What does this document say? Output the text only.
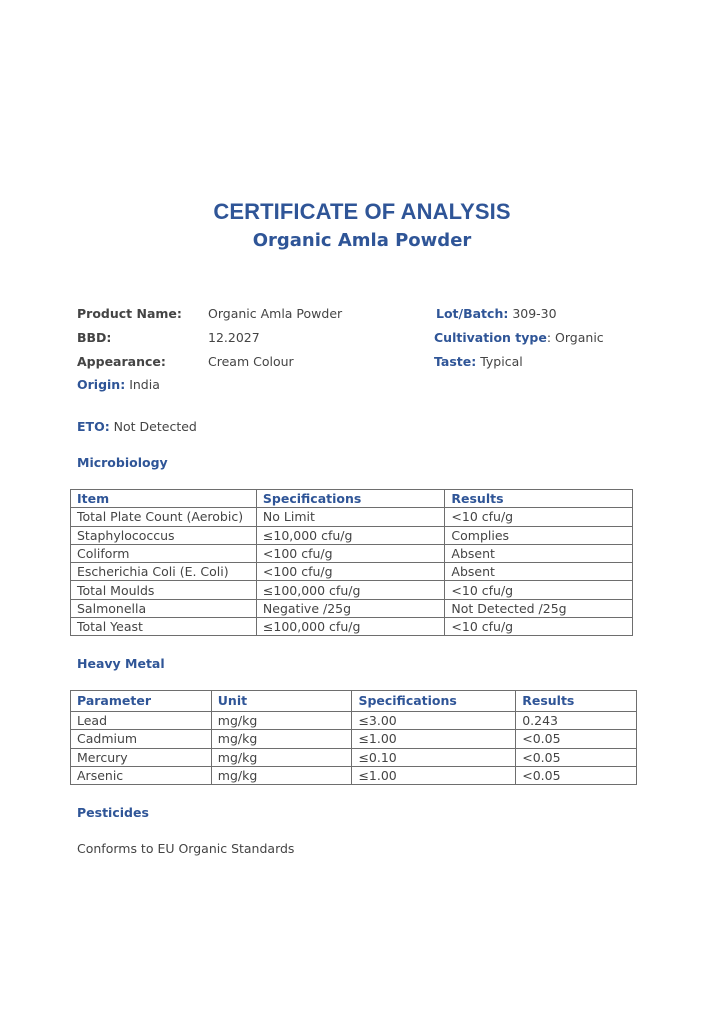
CERTIFICATE OF ANALYSIS
Organic Amla Powder
Product Name: Organic Amla Powder	Lot/Batch: 309-30
BBD:	12.2027	Cultivation type: Organic
Appearance:	Cream Colour	Taste: Typical
Origin: India
ETO: Not Detected
Microbiology
Item	Specifications	Results
Total Plate Count (Aerobic)	No Limit	<10 cfu/g
Staphylococcus	≤10,000 cfu/g	Complies
Coliform	<100 cfu/g	Absent
Escherichia Coli (E. Coli)	<100 cfu/g	Absent
Total Moulds	≤100,000 cfu/g	<10 cfu/g
Salmonella	Negative /25g	Not Detected /25g
Total Yeast	≤100,000 cfu/g	<10 cfu/g
Heavy Metal
Parameter	Unit	Specifications	Results
Lead	mg/kg	≤3.00	0.243
Cadmium	mg/kg	≤1.00	<0.05
Mercury	mg/kg	≤0.10	<0.05
Arsenic	mg/kg	≤1.00	<0.05
Pesticides
Conforms to EU Organic Standards
